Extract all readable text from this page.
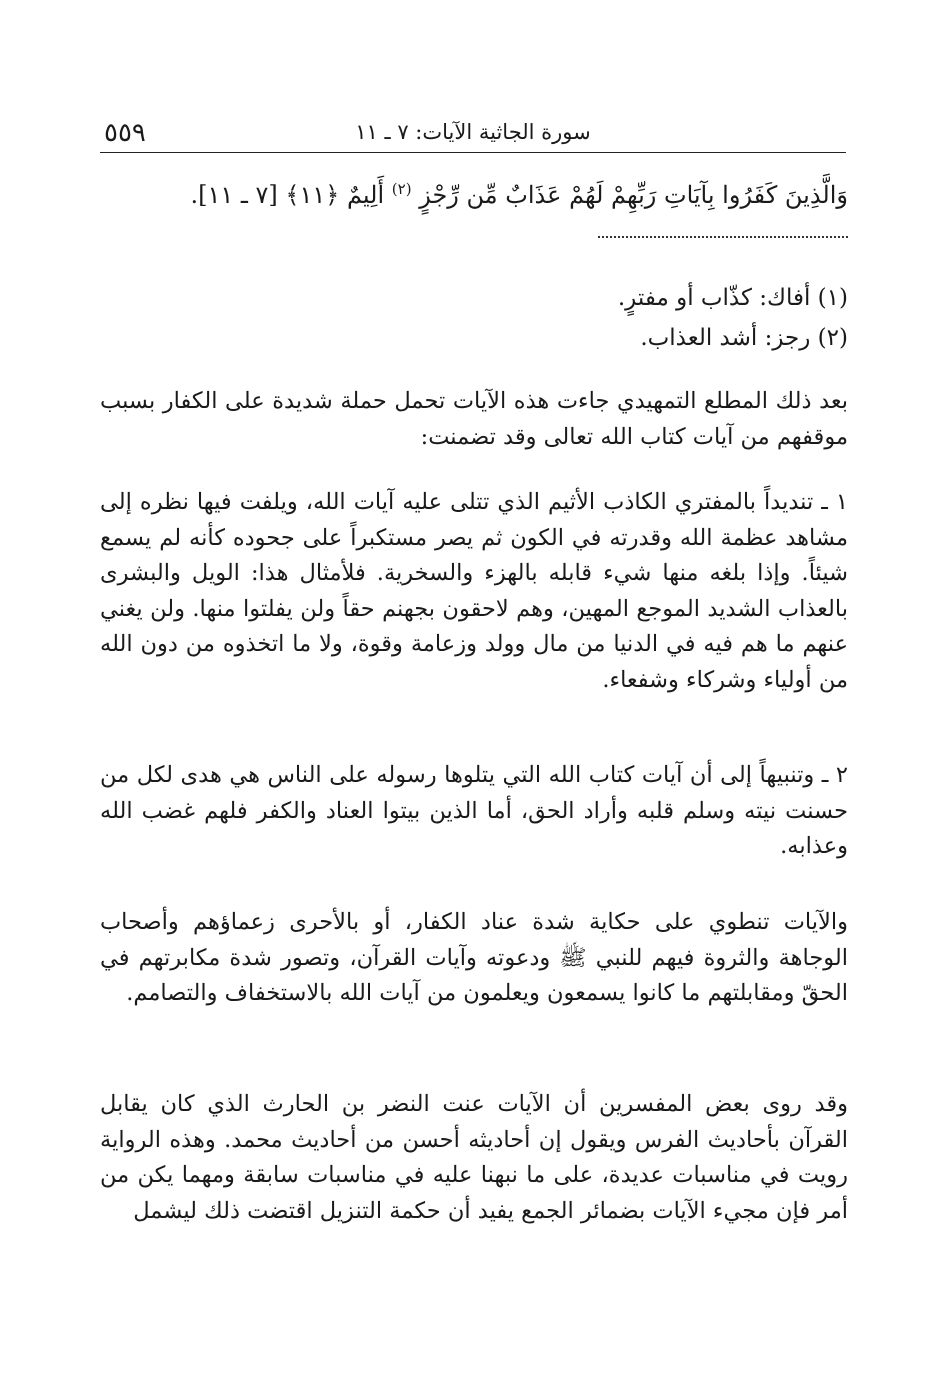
٥٥٩	سورة الجاثية الآيات: ٧ ـ ١١
وَالَّذِينَ كَفَرُوا بِآيَاتِ رَبِّهِمْ لَهُمْ عَذَابٌ مِّن رِّجْزٍ $^{(٢)}$ أَلِيمٌ ﴿١١﴾ [٧ ـ ١١].
(١) أفاك: كذّاب أو مفترٍ.
(٢) رجز: أشد العذاب.
بعد ذلك المطلع التمهيدي جاءت هذه الآيات تحمل حملة شديدة على الكفار بسبب موقفهم من آيات كتاب الله تعالى وقد تضمنت:
١ ـ تنديداً بالمفتري الكاذب الأثيم الذي تتلى عليه آيات الله، ويلفت فيها نظره إلى مشاهد عظمة الله وقدرته في الكون ثم يصر مستكبراً على جحوده كأنه لم يسمع شيئاً. وإذا بلغه منها شيء قابله بالهزء والسخرية. فلأمثال هذا: الويل والبشرى بالعذاب الشديد الموجع المهين، وهم لاحقون بجهنم حقاً ولن يفلتوا منها. ولن يغني عنهم ما هم فيه في الدنيا من مال وولد وزعامة وقوة، ولا ما اتخذوه من دون الله من أولياء وشركاء وشفعاء.
٢ ـ وتنبيهاً إلى أن آيات كتاب الله التي يتلوها رسوله على الناس هي هدى لكل من حسنت نيته وسلم قلبه وأراد الحق، أما الذين بيتوا العناد والكفر فلهم غضب الله وعذابه.
والآيات تنطوي على حكاية شدة عناد الكفار، أو بالأحرى زعماؤهم وأصحاب الوجاهة والثروة فيهم للنبي ﷺ ودعوته وآيات القرآن، وتصور شدة مكابرتهم في الحقّ ومقابلتهم ما كانوا يسمعون ويعلمون من آيات الله بالاستخفاف والتصامم.
وقد روى بعض المفسرين أن الآيات عنت النضر بن الحارث الذي كان يقابل القرآن بأحاديث الفرس ويقول إن أحاديثه أحسن من أحاديث محمد. وهذه الرواية رويت في مناسبات عديدة، على ما نبهنا عليه في مناسبات سابقة ومهما يكن من أمر فإن مجيء الآيات بضمائر الجمع يفيد أن حكمة التنزيل اقتضت ذلك ليشمل
